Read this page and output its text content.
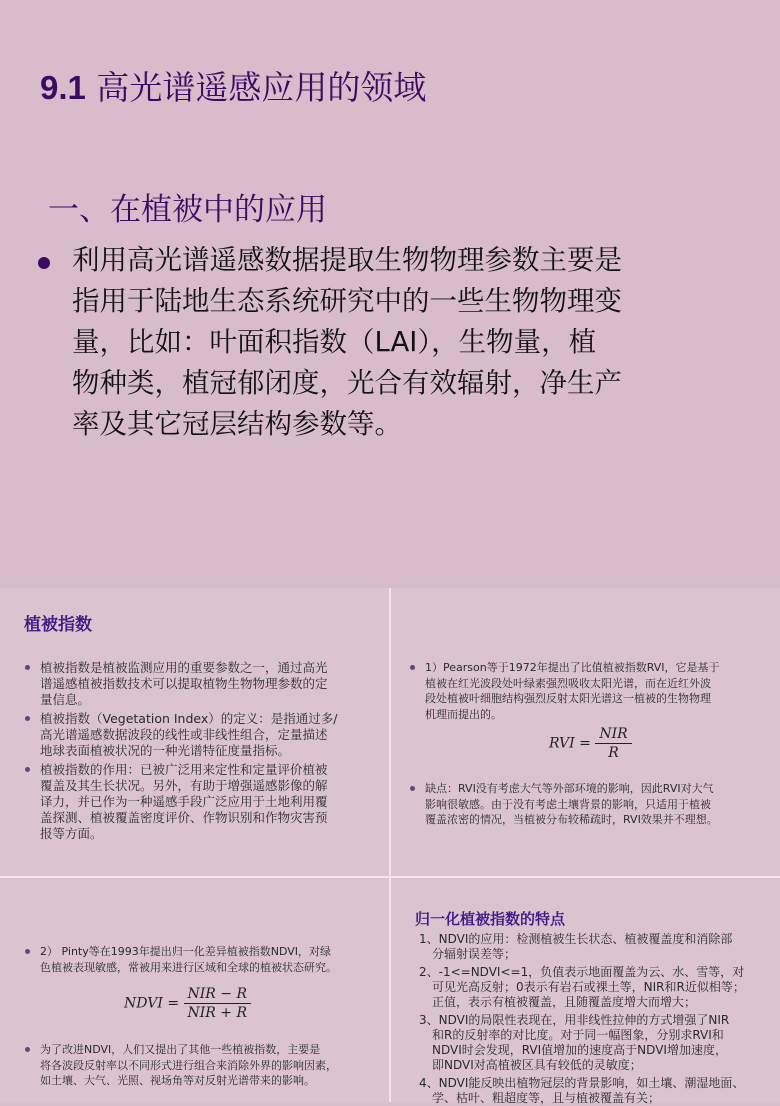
9.1 高光谱遥感应用的领域
一、在植被中的应用
利用高光谱遥感数据提取生物物理参数主要是
指用于陆地生态系统研究中的一些生物物理变
量，比如：叶面积指数（LAI），生物量，植
物种类，植冠郁闭度，光合有效辐射，净生产
率及其它冠层结构参数等。
植被指数
植被指数是植被监测应用的重要参数之一，通过高光
谱遥感植被指数技术可以提取植物生物物理参数的定
量信息。
植被指数（Vegetation Index）的定义：是指通过多/
高光谱遥感数据波段的线性或非线性组合，定量描述
地球表面植被状况的一种光谱特征度量指标。
植被指数的作用：已被广泛用来定性和定量评价植被
覆盖及其生长状况。另外，有助于增强遥感影像的解
译力，并已作为一种遥感手段广泛应用于土地利用覆
盖探测、植被覆盖密度评价、作物识别和作物灾害预
报等方面。
1）Pearson等于1972年提出了比值植被指数RVI，它是基于
植被在红光波段处叶绿素强烈吸收太阳光谱，而在近红外波
段处植被叶细胞结构强烈反射太阳光谱这一植被的生物物理
机理而提出的。
RVI = $\frac{\text{NIR}}{R}$
缺点：RVI没有考虑大气等外部环境的影响，因此RVI对大气
影响很敏感。由于没有考虑土壤背景的影响，只适用于植被
覆盖浓密的情况，当植被分布较稀疏时，RVI效果并不理想。
2） Pinty等在1993年提出归一化差异植被指数NDVI，对绿
色植被表现敏感，常被用来进行区域和全球的植被状态研究。
NDVI = $\frac{\text{NIR − R}}{\text{NIR + R}}$
为了改进NDVI，人们又提出了其他一些植被指数，主要是
将各波段反射率以不同形式进行组合来消除外界的影响因素，
如土壤、大气、光照、视场角等对反射光谱带来的影响。
归一化植被指数的特点
1、NDVI的应用：检测植被生长状态、植被覆盖度和消除部
分辐射误差等；
2、-1<=NDVI<=1，负值表示地面覆盖为云、水、雪等，对
可见光高反射；0表示有岩石或裸土等，NIR和R近似相等；
正值，表示有植被覆盖，且随覆盖度增大而增大；
3、NDVI的局限性表现在，用非线性拉伸的方式增强了NIR
和R的反射率的对比度。对于同一幅图象，分别求RVI和
NDVI时会发现，RVI值增加的速度高于NDVI增加速度，
即NDVI对高植被区具有较低的灵敏度；
4、NDVI能反映出植物冠层的背景影响，如土壤、潮湿地面、
学、枯叶、粗超度等，且与植被覆盖有关；
